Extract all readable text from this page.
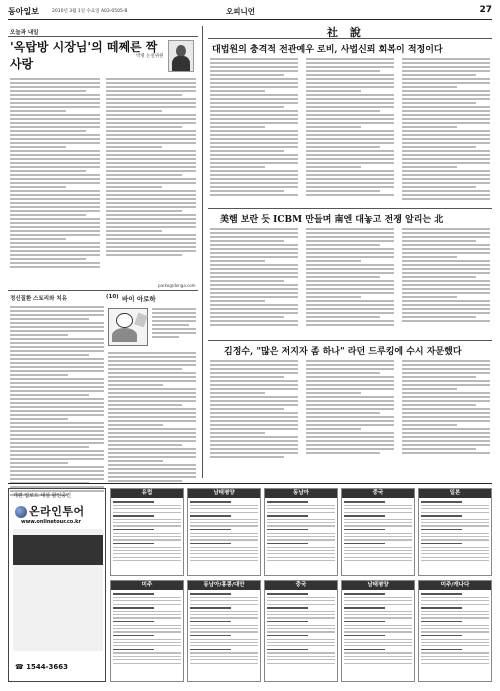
동아일보	2010년 3월 1일 수요일 A03-0505-B	오피니언	27
오늘과 내일
박명 논설위원
'옥탑방 시장님'의 떼쩨른 짝사랑
parko@donga.com
정신질환 스토리와 치유	(10) 바이 아로하
社 說
대법원의 충격적 전관예우 로비, 사법신뢰 회복이 적정이다
美햄 보란 듯 ICBM 만들며 南엔 대놓고 전쟁 알리는 北
김정수, "많은 저지자 좀 하나" 라던 드루킹에 수시 자문했다
개편 업로드 대설 할인중인
온라인투어
www.onlinetour.co.kr
☎ 1544-3663
유럽	남태평양	동남아	중국	일본
미주	동남아/홍콩/대만	중국	남태평양	미주/캐나다
